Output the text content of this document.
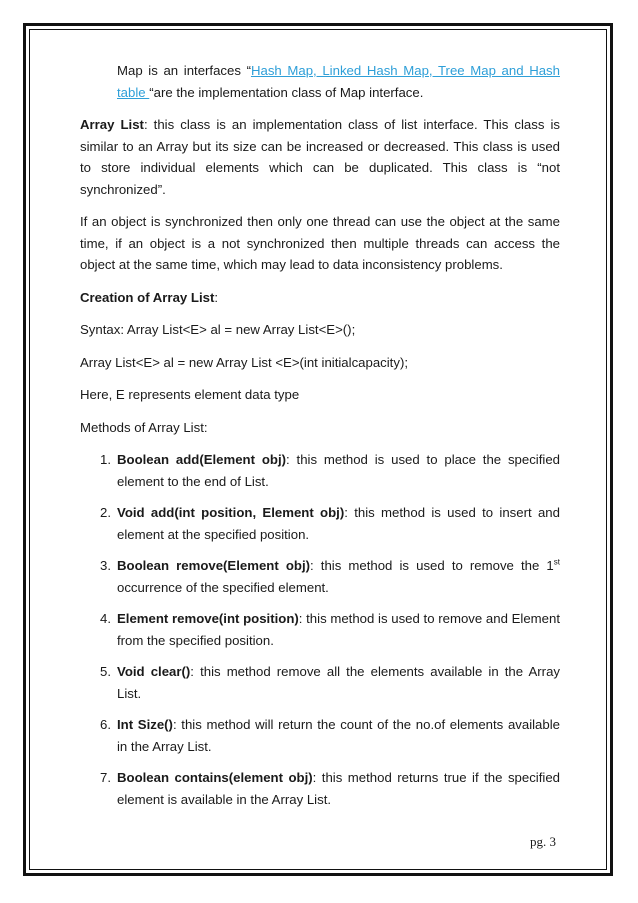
Map is an interfaces “Hash Map, Linked Hash Map, Tree Map and Hash table “are the implementation class of Map interface.

Array List: this class is an implementation class of list interface. This class is similar to an Array but its size can be increased or decreased. This class is used to store individual elements which can be duplicated. This class is “not synchronized”.

If an object is synchronized then only one thread can use the object at the same time, if an object is a not synchronized then multiple threads can access the object at the same time, which may lead to data inconsistency problems.

Creation of Array List:

Syntax: Array List<E> al = new Array List<E>();

Array List<E> al = new Array List <E>(int initialcapacity);

Here, E represents element data type

Methods of Array List:

1. Boolean add(Element obj): this method is used to place the specified element to the end of List.
2. Void add(int position, Element obj): this method is used to insert and element at the specified position.
3. Boolean remove(Element obj): this method is used to remove the 1st occurrence of the specified element.
4. Element remove(int position): this method is used to remove and Element from the specified position.
5. Void clear(): this method remove all the elements available in the Array List.
6. Int Size(): this method will return the count of the no.of elements available in the Array List.
7. Boolean contains(element obj): this method returns true if the specified element is available in the Array List.
pg. 3
